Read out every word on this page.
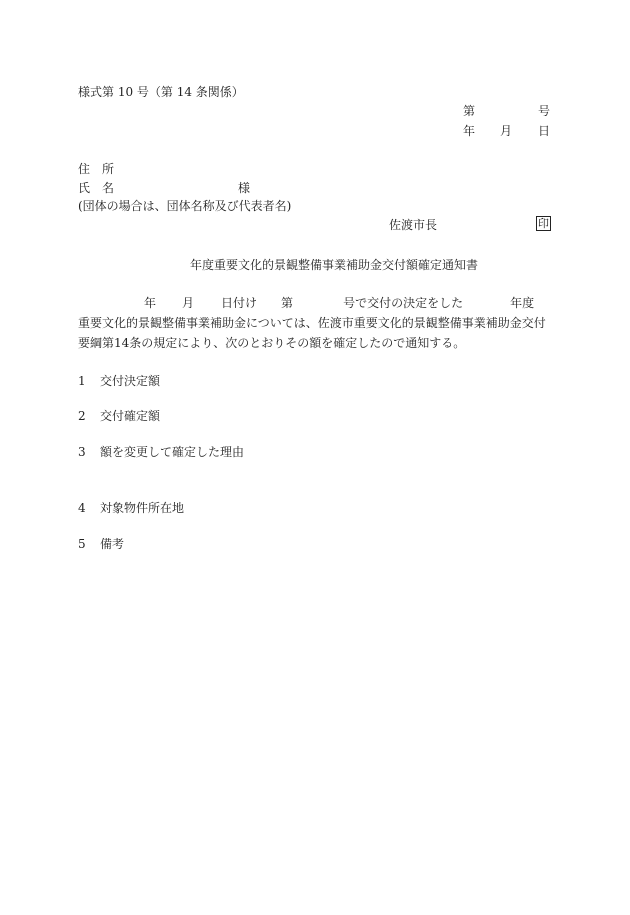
様式第 10 号（第 14 条関係）
第	号
年 月 日
住　所
氏　名	様
(団体の場合は、団体名称及び代表者名)
佐渡市長	印
年度重要文化的景観整備事業補助金交付額確定通知書
年 月 日付け 第	号で交付の決定をした	年度
重要文化的景観整備事業補助金については、佐渡市重要文化的景観整備事業補助金交付要綱第14条の規定により、次のとおりその額を確定したので通知する。
1 交付決定額
2 交付確定額
3 額を変更して確定した理由
4 対象物件所在地
5 備考
